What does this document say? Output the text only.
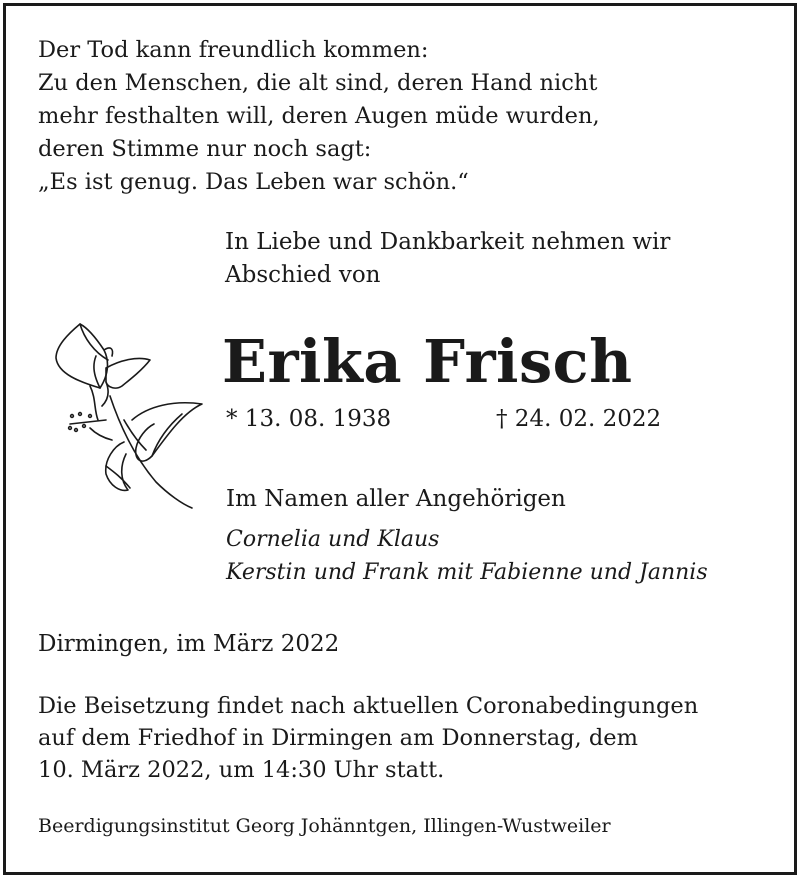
Der Tod kann freundlich kommen:
Zu den Menschen, die alt sind, deren Hand nicht
mehr festhalten will, deren Augen müde wurden,
deren Stimme nur noch sagt:
„Es ist genug. Das Leben war schön.“
In Liebe und Dankbarkeit nehmen wir
Abschied von
Erika Frisch
* 13. 08. 1938	† 24. 02. 2022
Im Namen aller Angehörigen
Cornelia und Klaus
Kerstin und Frank mit Fabienne und Jannis
Dirmingen, im März 2022
Die Beisetzung findet nach aktuellen Coronabedingungen
auf dem Friedhof in Dirmingen am Donnerstag, dem
10. März 2022, um 14:30 Uhr statt.
Beerdigungsinstitut Georg Johänntgen, Illingen-Wustweiler
